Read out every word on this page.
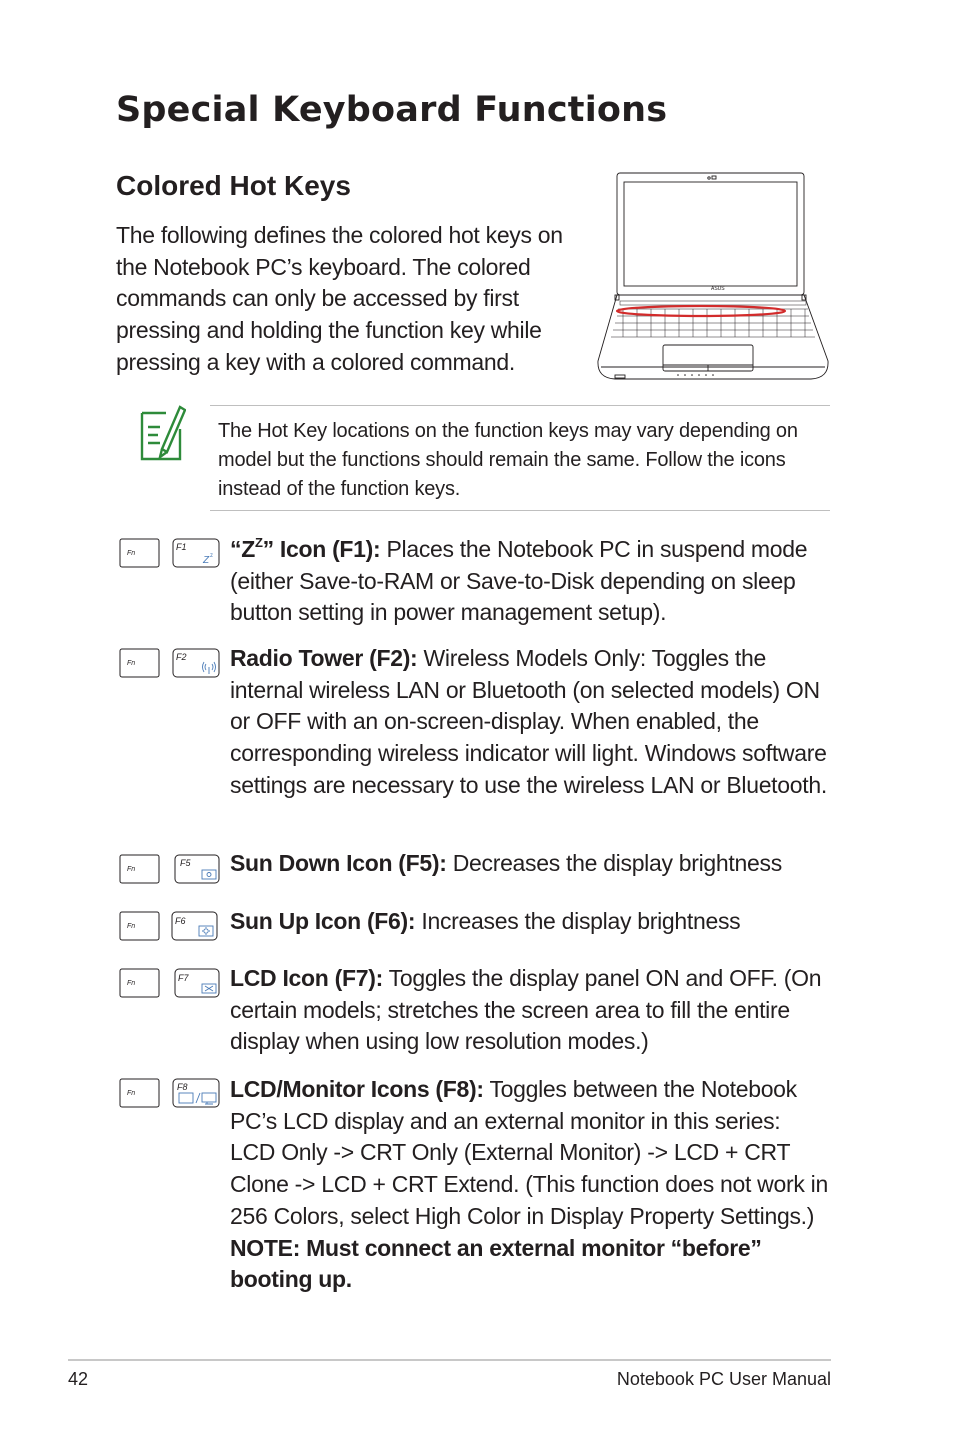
Special Keyboard Functions
Colored Hot Keys

The following defines the colored hot keys on the Notebook PC’s keyboard. The colored commands can only be accessed by first pressing and holding the function key while pressing a key with a colored command.

ASUS

The Hot Key locations on the function keys may vary depending on model but the functions should remain the same. Follow the icons instead of the function keys.

Fn
F1
Z z
Fn
F2
Fn
F5
Fn
F6
Fn
F7
Fn
F8

“$Z^Z$” Icon (F1): Places the Notebook PC in suspend mode (either Save-to-RAM or Save-to-Disk depending on sleep button setting in power management setup).

Radio Tower (F2): Wireless Models Only: Toggles the internal wireless LAN or Bluetooth (on selected models) ON or OFF with an on-screen-display. When enabled, the corresponding wireless indicator will light. Windows software settings are necessary to use the wireless LAN or Bluetooth.

Sun Down Icon (F5): Decreases the display brightness

Sun Up Icon (F6): Increases the display brightness

LCD Icon (F7): Toggles the display panel ON and OFF. (On certain models; stretches the screen area to fill the entire display when using low resolution modes.)

LCD/Monitor Icons (F8): Toggles between the Notebook PC’s LCD display and an external monitor in this series: LCD Only -> CRT Only (External Monitor) -> LCD + CRT Clone -> LCD + CRT Extend. (This function does not work in 256 Colors, select High Color in Display Property Settings.) NOTE: Must connect an external monitor “before” booting up.

42	Notebook PC User Manual
